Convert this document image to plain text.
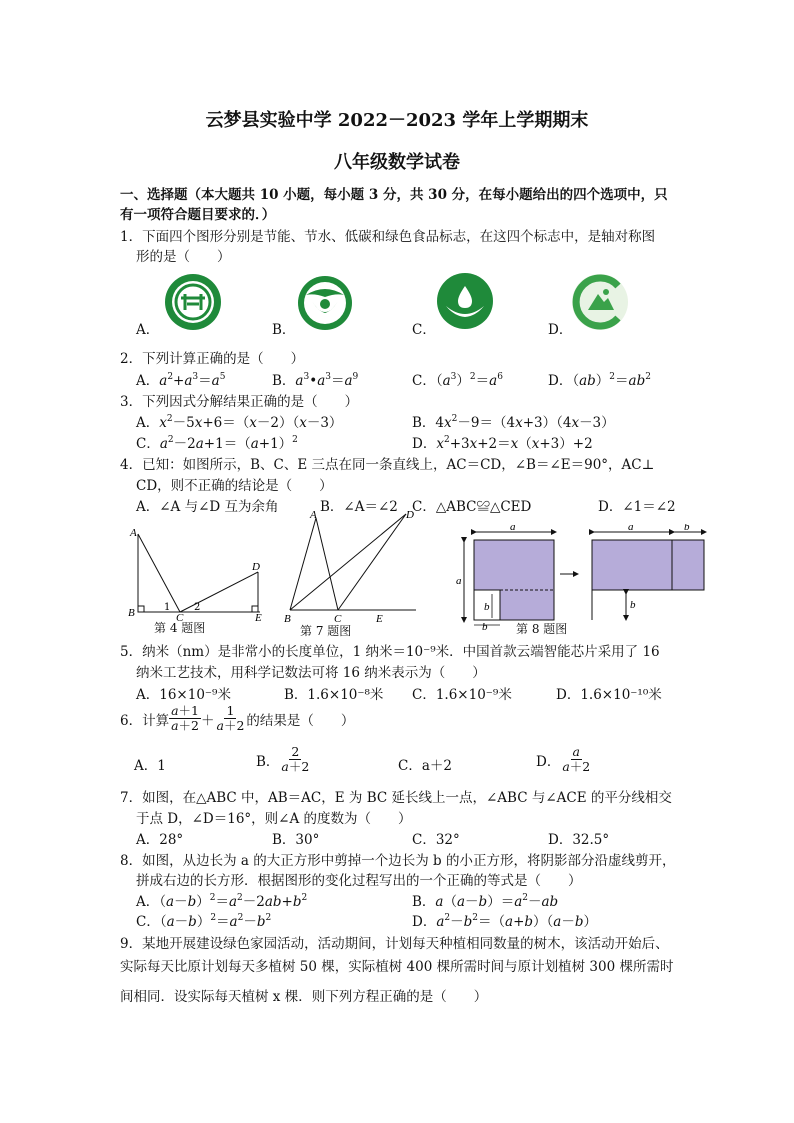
云梦县实验中学 2022－2023 学年上学期期末
八年级数学试卷
一、选择题（本大题共 10 小题，每小题 3 分，共 30 分，在每小题给出的四个选项中，只
有一项符合题目要求的．）
1．下面四个图形分别是节能、节水、低碳和绿色食品标志，在这四个标志中，是轴对称图
形的是（　　）
A．	B．	C．	D．
2．下列计算正确的是（　　）
A．$a^2+a^3=a^5$	B．$a^3•a^3=a^9$	C．$(a^3)^2=a^6$	D．$(ab)^2=ab^2$
3．下列因式分解结果正确的是（　　）
A．$x^2-5x+6=(x-2)(x-3)$	B．$4x^2-9=(4x+3)(4x-3)$
C．$a^2-2a+1=(a+1)^2$	D．$x^2+3x+2=x(x+3)+2$
4．已知：如图所示，B、C、E 三点在同一条直线上，AC＝CD，∠B＝∠E＝90°，AC⊥
CD，则不正确的结论是（　　）
A．∠A 与∠D 互为余角	B．∠A＝∠2 C．△ABC≌△CED	D．∠1＝∠2
A
B	C
D
E
1 2
第 4 题图
A	D
B	C	E
第 7 题图
a
a
b
b
a	b
b
第 8 题图
5．纳米（nm）是非常小的长度单位，1 纳米＝10⁻⁹米．中国首款云端智能芯片采用了 16
纳米工艺技术，用科学记数法可将 16 纳米表示为（　　）
A．16×10⁻⁹米	B．1.6×10⁻⁸米 C．1.6×10⁻⁹米	D．1.6×10⁻¹⁰米
6．计算 $\frac{a+1}{a+2} + \frac{1}{a+2}$ 的结果是（　　）
A．1	B． $\frac{2}{a+2}$	C．a＋2	D． $\frac{a}{a+2}$
7．如图，在△ABC 中，AB＝AC，E 为 BC 延长线上一点，∠ABC 与∠ACE 的平分线相交
于点 D，∠D＝16°，则∠A 的度数为（　　）
A．28°	B．30°	C．32°	D．32.5°
8．如图，从边长为 a 的大正方形中剪掉一个边长为 b 的小正方形，将阴影部分沿虚线剪开，
拼成右边的长方形．根据图形的变化过程写出的一个正确的等式是（　　）
A．$(a-b)^2=a^2-2ab+b^2$	B．$a(a-b)=a^2-ab$
C．$(a-b)^2=a^2-b^2$	D．$a^2-b^2=(a+b)(a-b)$
9．某地开展建设绿色家园活动，活动期间，计划每天种植相同数量的树木，该活动开始后、
实际每天比原计划每天多植树 50 棵，实际植树 400 棵所需时间与原计划植树 300 棵所需时
间相同．设实际每天植树 x 棵．则下列方程正确的是（　　）
